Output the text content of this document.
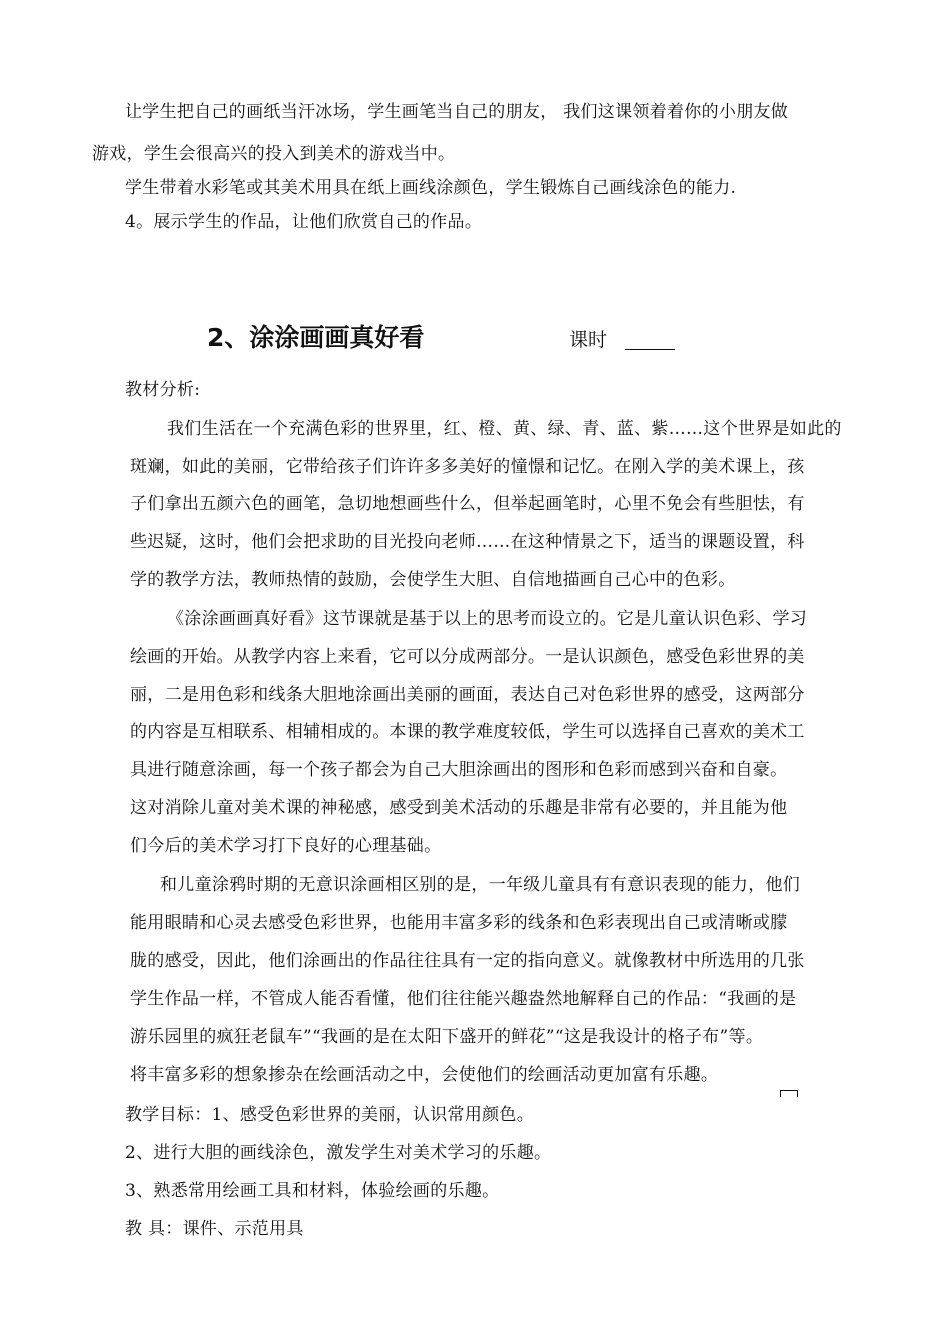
让学生把自己的画纸当汗冰场，学生画笔当自己的朋友， 我们这课领着着你的小朋友做
游戏，学生会很高兴的投入到美术的游戏当中。
学生带着水彩笔或其美术用具在纸上画线涂颜色，学生锻炼自己画线涂色的能力.
4。展示学生的作品，让他们欣赏自己的作品。
2、涂涂画画真好看	课时
教材分析:
我们生活在一个充满色彩的世界里，红、橙、黄、绿、青、蓝、紫……这个世界是如此的
斑斓，如此的美丽，它带给孩子们许许多多美好的憧憬和记忆。在刚入学的美术课上，孩
子们拿出五颜六色的画笔，急切地想画些什么，但举起画笔时，心里不免会有些胆怯，有
些迟疑，这时，他们会把求助的目光投向老师……在这种情景之下，适当的课题设置，科
学的教学方法，教师热情的鼓励，会使学生大胆、自信地描画自己心中的色彩。
《涂涂画画真好看》这节课就是基于以上的思考而设立的。它是儿童认识色彩、学习
绘画的开始。从教学内容上来看，它可以分成两部分。一是认识颜色，感受色彩世界的美
丽，二是用色彩和线条大胆地涂画出美丽的画面，表达自己对色彩世界的感受，这两部分
的内容是互相联系、相辅相成的。本课的教学难度较低，学生可以选择自己喜欢的美术工
具进行随意涂画，每一个孩子都会为自己大胆涂画出的图形和色彩而感到兴奋和自豪。
这对消除儿童对美术课的神秘感，感受到美术活动的乐趣是非常有必要的，并且能为他
们今后的美术学习打下良好的心理基础。
和儿童涂鸦时期的无意识涂画相区别的是，一年级儿童具有有意识表现的能力，他们
能用眼睛和心灵去感受色彩世界，也能用丰富多彩的线条和色彩表现出自己或清晰或朦
胧的感受，因此，他们涂画出的作品往往具有一定的指向意义。就像教材中所选用的几张
学生作品一样，不管成人能否看懂，他们往往能兴趣盎然地解释自己的作品：“我画的是
游乐园里的疯狂老鼠车”“我画的是在太阳下盛开的鲜花”“这是我设计的格子布”等。
将丰富多彩的想象掺杂在绘画活动之中，会使他们的绘画活动更加富有乐趣。
教学目标：1、感受色彩世界的美丽，认识常用颜色。
2、进行大胆的画线涂色，激发学生对美术学习的乐趣。
3、熟悉常用绘画工具和材料，体验绘画的乐趣。
教 具：课件、示范用具
